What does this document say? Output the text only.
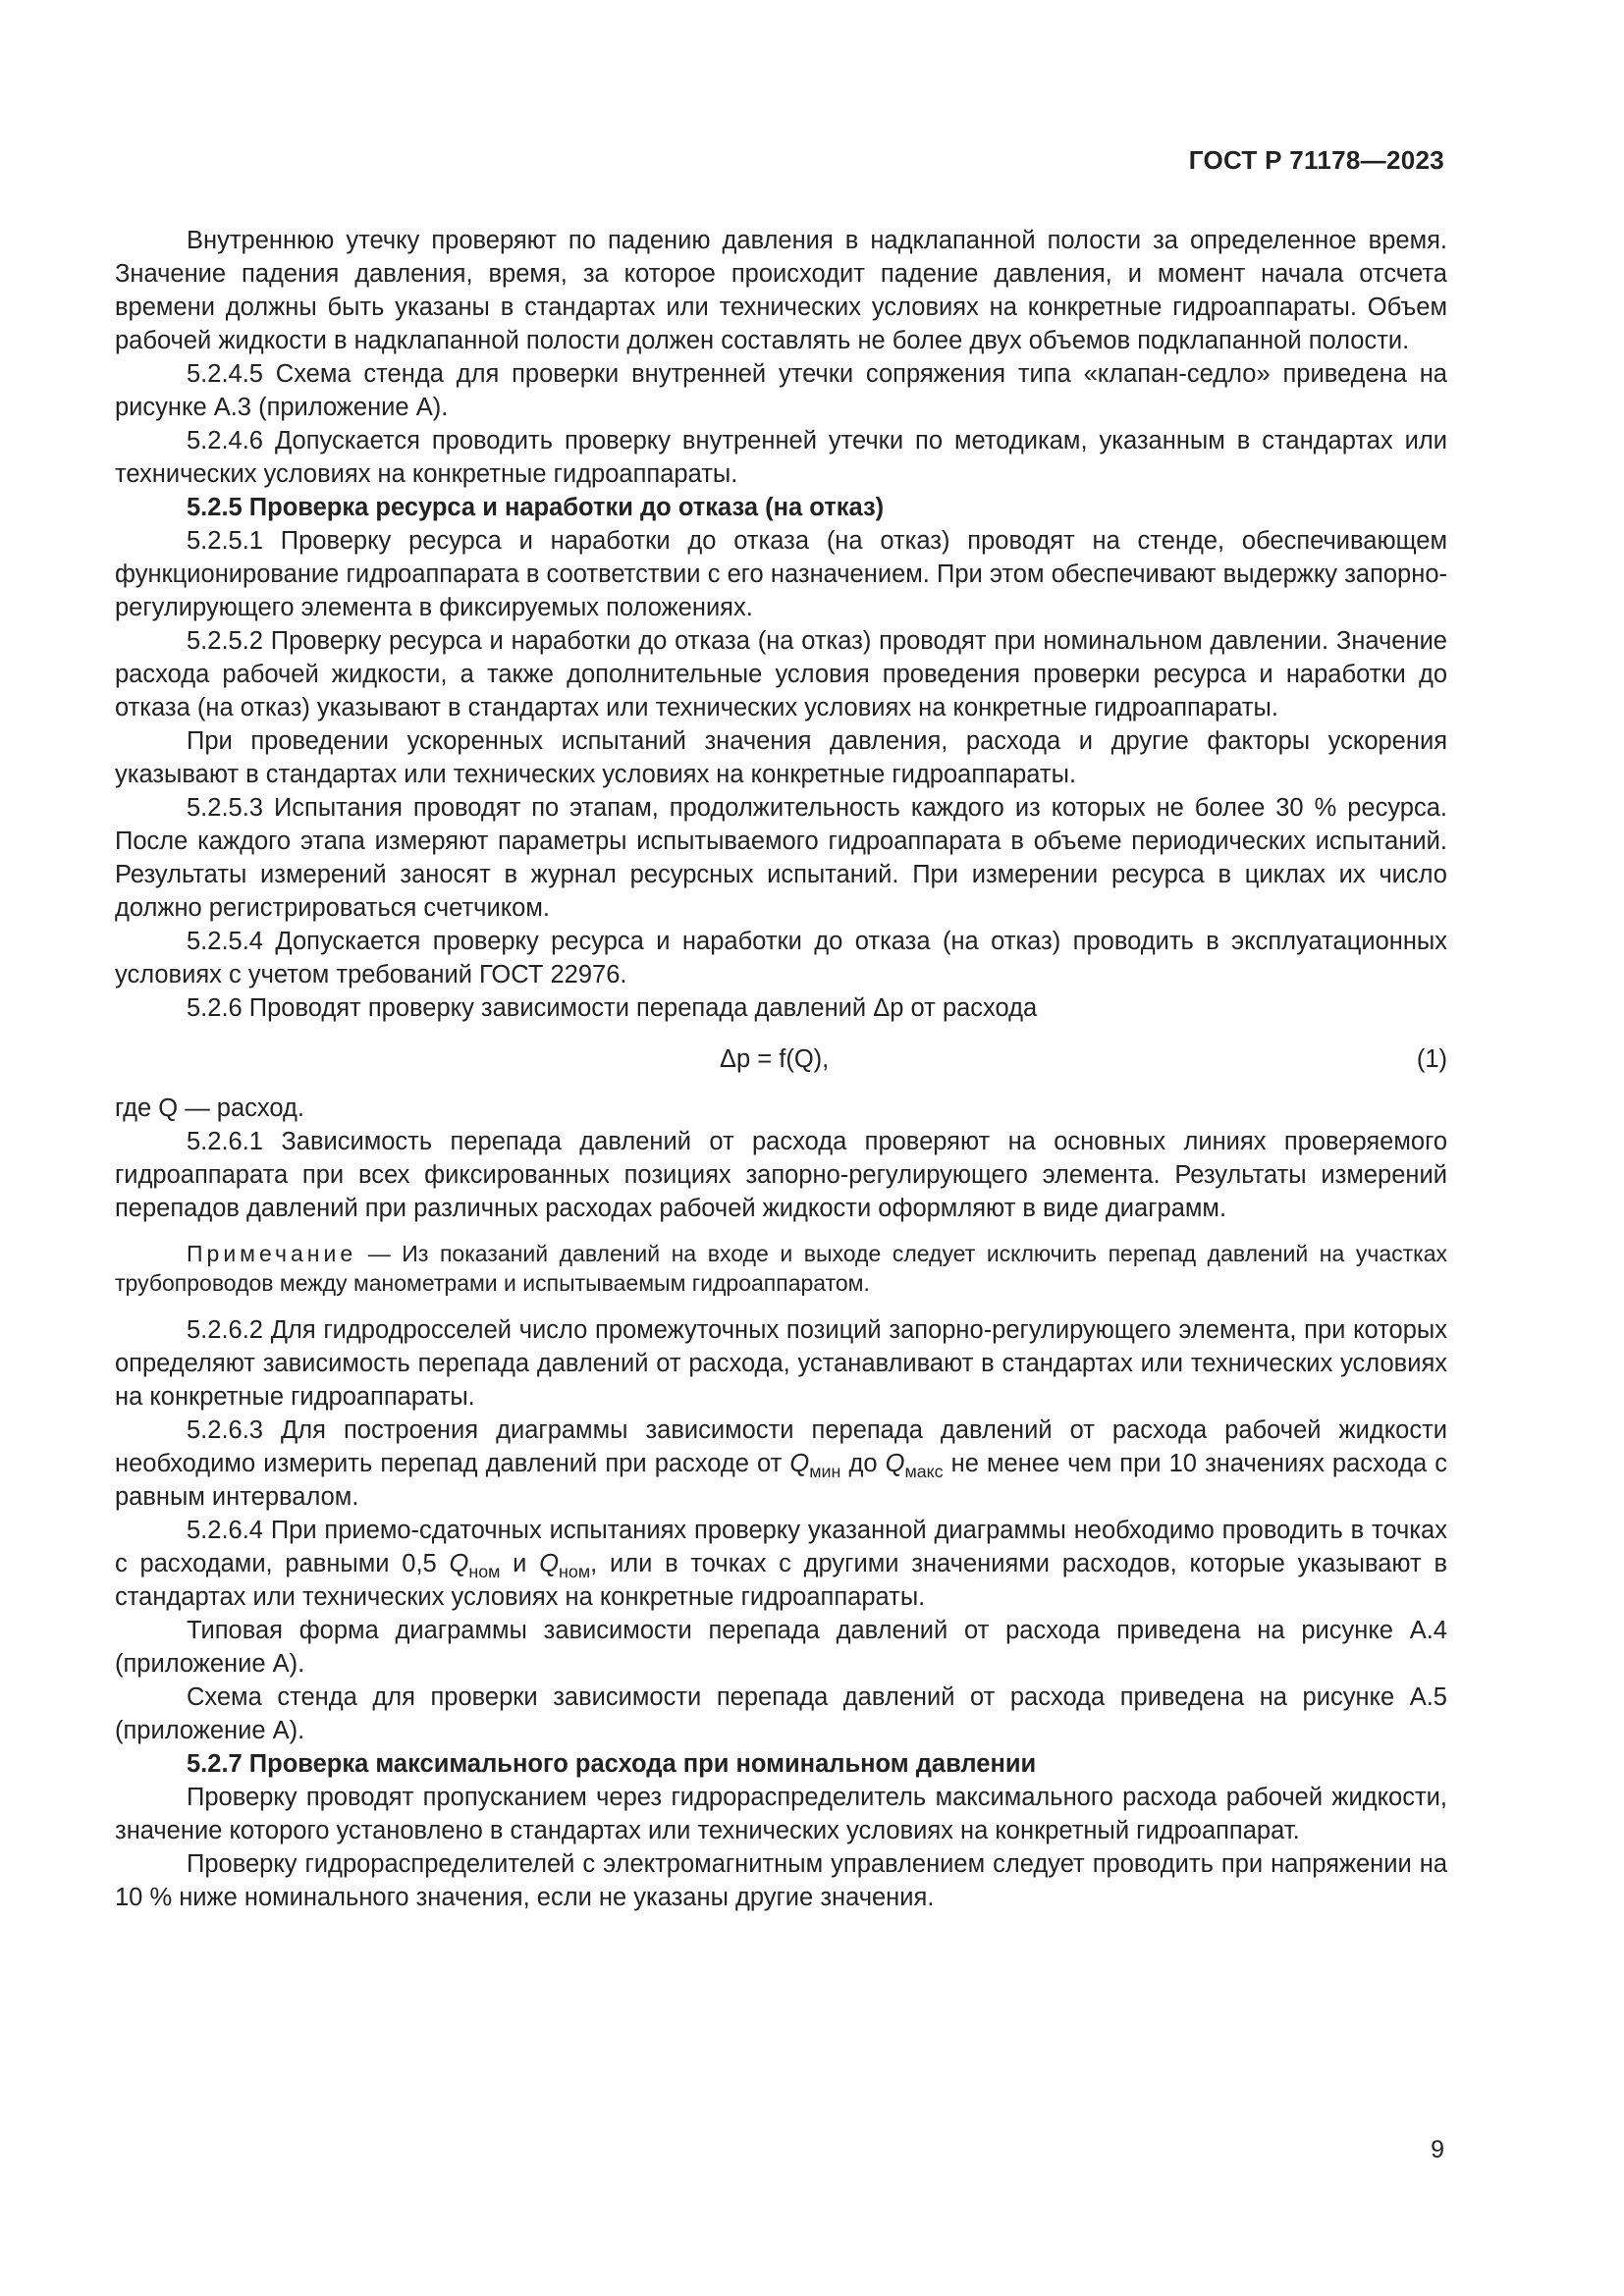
ГОСТ Р 71178—2023

Внутреннюю утечку проверяют по падению давления в надклапанной полости за определенное время. Значение падения давления, время, за которое происходит падение давления, и момент начала отсчета времени должны быть указаны в стандартах или технических условиях на конкретные гидроаппараты. Объем рабочей жидкости в надклапанной полости должен составлять не более двух объемов подклапанной полости.

5.2.4.5 Схема стенда для проверки внутренней утечки сопряжения типа «клапан-седло» приведена на рисунке А.3 (приложение А).

5.2.4.6 Допускается проводить проверку внутренней утечки по методикам, указанным в стандартах или технических условиях на конкретные гидроаппараты.

5.2.5 Проверка ресурса и наработки до отказа (на отказ)

5.2.5.1 Проверку ресурса и наработки до отказа (на отказ) проводят на стенде, обеспечивающем функционирование гидроаппарата в соответствии с его назначением. При этом обеспечивают выдержку запорно-регулирующего элемента в фиксируемых положениях.

5.2.5.2 Проверку ресурса и наработки до отказа (на отказ) проводят при номинальном давлении. Значение расхода рабочей жидкости, а также дополнительные условия проведения проверки ресурса и наработки до отказа (на отказ) указывают в стандартах или технических условиях на конкретные гидроаппараты.

При проведении ускоренных испытаний значения давления, расхода и другие факторы ускорения указывают в стандартах или технических условиях на конкретные гидроаппараты.

5.2.5.3 Испытания проводят по этапам, продолжительность каждого из которых не более 30 % ресурса. После каждого этапа измеряют параметры испытываемого гидроаппарата в объеме периодических испытаний. Результаты измерений заносят в журнал ресурсных испытаний. При измерении ресурса в циклах их число должно регистрироваться счетчиком.

5.2.5.4 Допускается проверку ресурса и наработки до отказа (на отказ) проводить в эксплуатационных условиях с учетом требований ГОСТ 22976.

5.2.6 Проводят проверку зависимости перепада давлений Δp от расхода

Δp = f(Q),	(1)

где Q — расход.

5.2.6.1 Зависимость перепада давлений от расхода проверяют на основных линиях проверяемого гидроаппарата при всех фиксированных позициях запорно-регулирующего элемента. Результаты измерений перепадов давлений при различных расходах рабочей жидкости оформляют в виде диаграмм.

Примечание — Из показаний давлений на входе и выходе следует исключить перепад давлений на участках трубопроводов между манометрами и испытываемым гидроаппаратом.

5.2.6.2 Для гидродросселей число промежуточных позиций запорно-регулирующего элемента, при которых определяют зависимость перепада давлений от расхода, устанавливают в стандартах или технических условиях на конкретные гидроаппараты.

5.2.6.3 Для построения диаграммы зависимости перепада давлений от расхода рабочей жидкости необходимо измерить перепад давлений при расходе от $Q_{мин}$ до $Q_{макс}$ не менее чем при 10 значениях расхода с равным интервалом.

5.2.6.4 При приемо-сдаточных испытаниях проверку указанной диаграммы необходимо проводить в точках с расходами, равными 0,5 $Q_{ном}$ и $Q_{ном}$, или в точках с другими значениями расходов, которые указывают в стандартах или технических условиях на конкретные гидроаппараты.

Типовая форма диаграммы зависимости перепада давлений от расхода приведена на рисунке А.4 (приложение А).

Схема стенда для проверки зависимости перепада давлений от расхода приведена на рисунке А.5 (приложение А).

5.2.7 Проверка максимального расхода при номинальном давлении

Проверку проводят пропусканием через гидрораспределитель максимального расхода рабочей жидкости, значение которого установлено в стандартах или технических условиях на конкретный гидроаппарат.

Проверку гидрораспределителей с электромагнитным управлением следует проводить при напряжении на 10 % ниже номинального значения, если не указаны другие значения.

9
